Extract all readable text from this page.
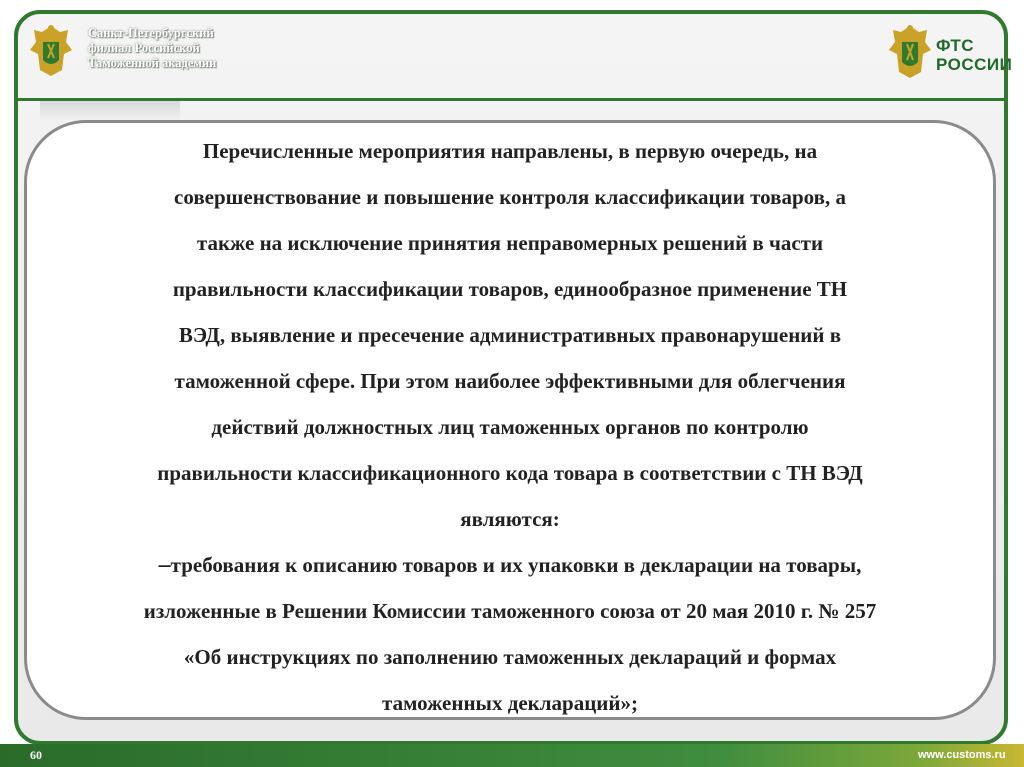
Санкт-Петербургский
филиал Российской
Таможенной академии
ФТС
РОССИИ

Перечисленные мероприятия направлены, в первую очередь, на
совершенствование и повышение контроля классификации товаров, а
также на исключение принятия неправомерных решений в части
правильности классификации товаров, единообразное применение ТН
ВЭД, выявление и пресечение административных правонарушений в
таможенной сфере. При этом наиболее эффективными для облегчения
действий должностных лиц таможенных органов по контролю
правильности классификационного кода товара в соответствии с ТН ВЭД
являются:
–требования к описанию товаров и их упаковки в декларации на товары,
изложенные в Решении Комиссии таможенного союза от 20 мая 2010 г. № 257
«Об инструкциях по заполнению таможенных деклараций и формах
таможенных деклараций»;

60	www.customs.ru
